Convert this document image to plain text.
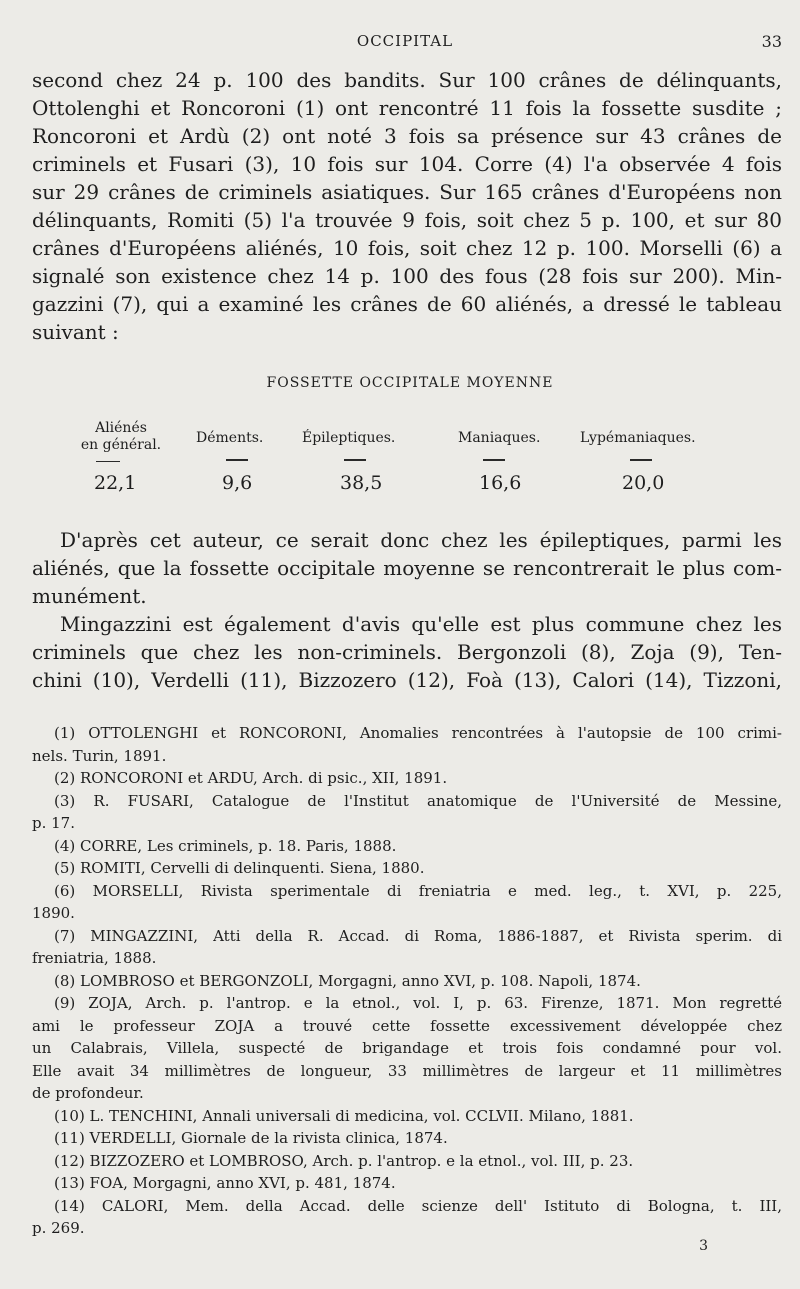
OCCIPITAL	33
second chez 24 p. 100 des bandits. Sur 100 crânes de délinquants,
Ottolenghi et Roncoroni (1) ont rencontré 11 fois la fossette susdite ;
Roncoroni et Ardù (2) ont noté 3 fois sa présence sur 43 crânes de
criminels et Fusari (3), 10 fois sur 104. Corre (4) l'a observée 4 fois
sur 29 crânes de criminels asiatiques. Sur 165 crânes d'Européens non
délinquants, Romiti (5) l'a trouvée 9 fois, soit chez 5 p. 100, et sur 80
crânes d'Européens aliénés, 10 fois, soit chez 12 p. 100. Morselli (6) a
signalé son existence chez 14 p. 100 des fous (28 fois sur 200). Min-
gazzini (7), qui a examiné les crânes de 60 aliénés, a dressé le tableau
suivant :
FOSSETTE OCCIPITALE MOYENNE
Aliénés
en général.	Déments.	Épileptiques.	Maniaques.	Lypémaniaques.
22,1	9,6	38,5	16,6	20,0
D'après cet auteur, ce serait donc chez les épileptiques, parmi les
aliénés, que la fossette occipitale moyenne se rencontrerait le plus com-
munément.
Mingazzini est également d'avis qu'elle est plus commune chez les
criminels que chez les non-criminels. Bergonzoli (8), Zoja (9), Ten-
chini (10), Verdelli (11), Bizzozero (12), Foà (13), Calori (14), Tizzoni,
(1) OTTOLENGHI et RONCORONI, Anomalies rencontrées à l'autopsie de 100 crimi-
nels. Turin, 1891.
(2) RONCORONI et ARDU, Arch. di psic., XII, 1891.
(3) R. FUSARI, Catalogue de l'Institut anatomique de l'Université de Messine,
p. 17.
(4) CORRE, Les criminels, p. 18. Paris, 1888.
(5) ROMITI, Cervelli di delinquenti. Siena, 1880.
(6) MORSELLI, Rivista sperimentale di freniatria e med. leg., t. XVI, p. 225,
1890.
(7) MINGAZZINI, Atti della R. Accad. di Roma, 1886-1887, et Rivista sperim. di
freniatria, 1888.
(8) LOMBROSO et BERGONZOLI, Morgagni, anno XVI, p. 108. Napoli, 1874.
(9) ZOJA, Arch. p. l'antrop. e la etnol., vol. I, p. 63. Firenze, 1871. Mon regretté
ami le professeur ZOJA a trouvé cette fossette excessivement développée chez
un Calabrais, Villela, suspecté de brigandage et trois fois condamné pour vol.
Elle avait 34 millimètres de longueur, 33 millimètres de largeur et 11 millimètres
de profondeur.
(10) L. TENCHINI, Annali universali di medicina, vol. CCLVII. Milano, 1881.
(11) VERDELLI, Giornale de la rivista clinica, 1874.
(12) BIZZOZERO et LOMBROSO, Arch. p. l'antrop. e la etnol., vol. III, p. 23.
(13) FOA, Morgagni, anno XVI, p. 481, 1874.
(14) CALORI, Mem. della Accad. delle scienze dell' Istituto di Bologna, t. III,
p. 269.
3
